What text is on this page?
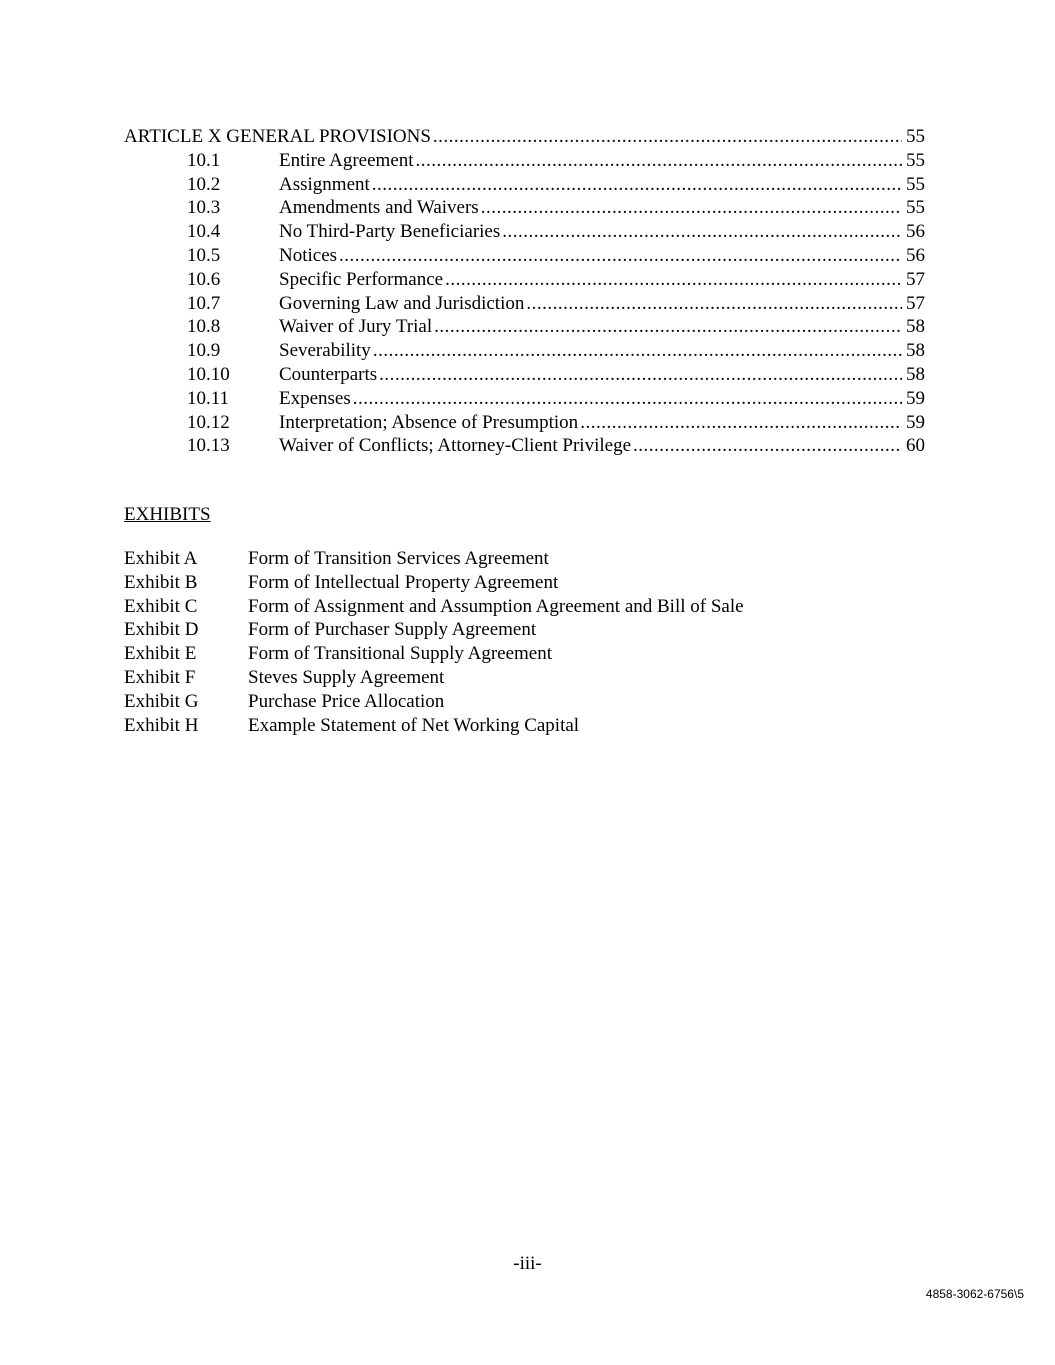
ARTICLE X GENERAL PROVISIONS .....	55
10.1	Entire Agreement .....	55
10.2	Assignment .....	55
10.3	Amendments and Waivers .....	55
10.4	No Third-Party Beneficiaries .....	56
10.5	Notices .....	56
10.6	Specific Performance .....	57
10.7	Governing Law and Jurisdiction .....	57
10.8	Waiver of Jury Trial .....	58
10.9	Severability .....	58
10.10	Counterparts .....	58
10.11	Expenses .....	59
10.12	Interpretation; Absence of Presumption .....	59
10.13	Waiver of Conflicts; Attorney-Client Privilege .....	60
EXHIBITS
Exhibit A	Form of Transition Services Agreement
Exhibit B	Form of Intellectual Property Agreement
Exhibit C	Form of Assignment and Assumption Agreement and Bill of Sale
Exhibit D	Form of Purchaser Supply Agreement
Exhibit E	Form of Transitional Supply Agreement
Exhibit F	Steves Supply Agreement
Exhibit G	Purchase Price Allocation
Exhibit H	Example Statement of Net Working Capital
-iii-
4858-3062-6756\5
